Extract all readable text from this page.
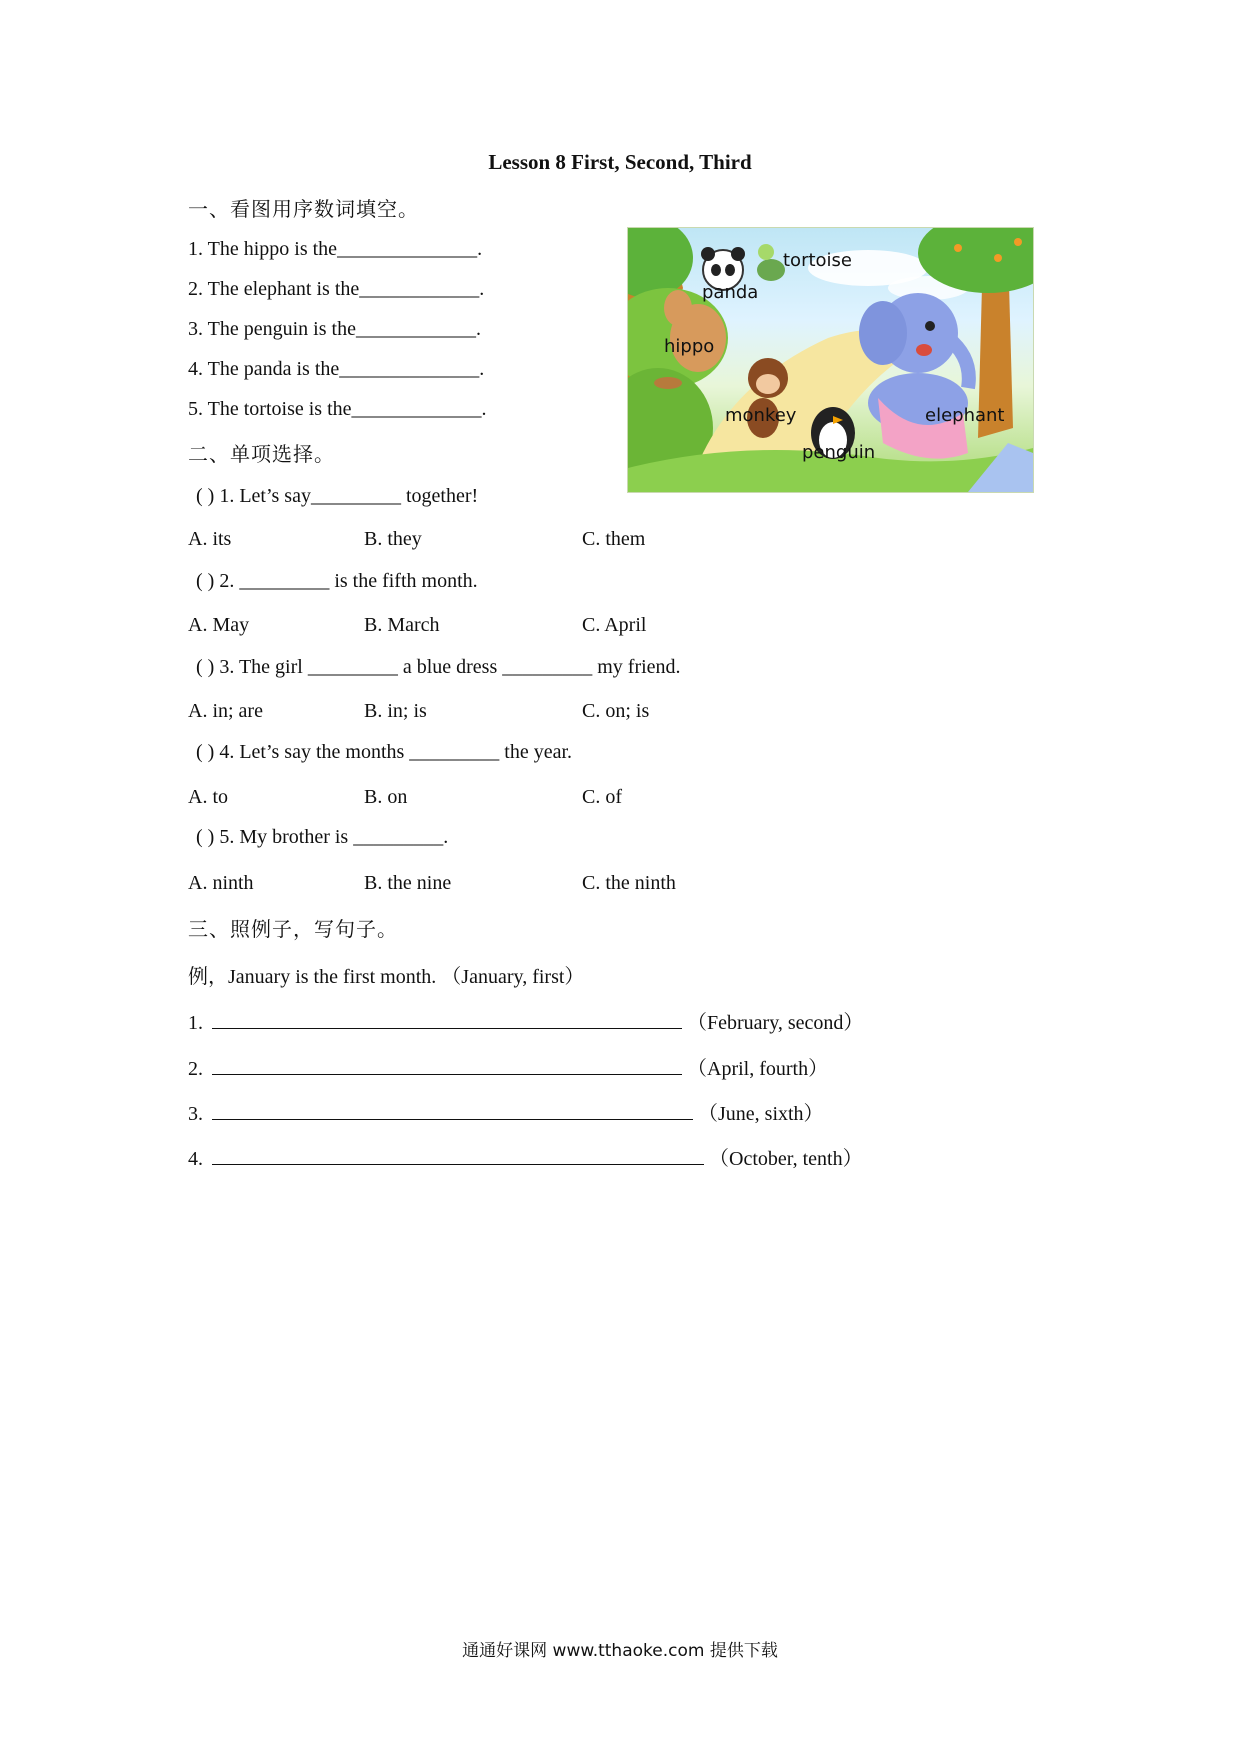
Lesson 8 First, Second, Third
一、看图用序数词填空。
1. The hippo is the______________.
2. The elephant is the____________.
3. The penguin is the____________.
4. The panda is the______________.
5. The tortoise is the_____________.
tortoise
panda
hippo
monkey	elephant
penguin
二、单项选择。
( ) 1. Let’s say_________ together!
A. its	B. they	C. them
( ) 2. _________ is the fifth month.
A. May	B. March	C. April
( ) 3. The girl _________ a blue dress _________ my friend.
A. in; are	B. in; is	C. on; is
( ) 4. Let’s say the months _________ the year.
A. to	B. on	C. of
( ) 5. My brother is _________.
A. ninth	B. the nine	C. the ninth
三、照例子，写句子。
例，January is the first month. （January, first）
1.	（February, second）
2.	（April, fourth）
3.	（June, sixth）
4.	（October, tenth）
通通好课网 www.tthaoke.com 提供下载
